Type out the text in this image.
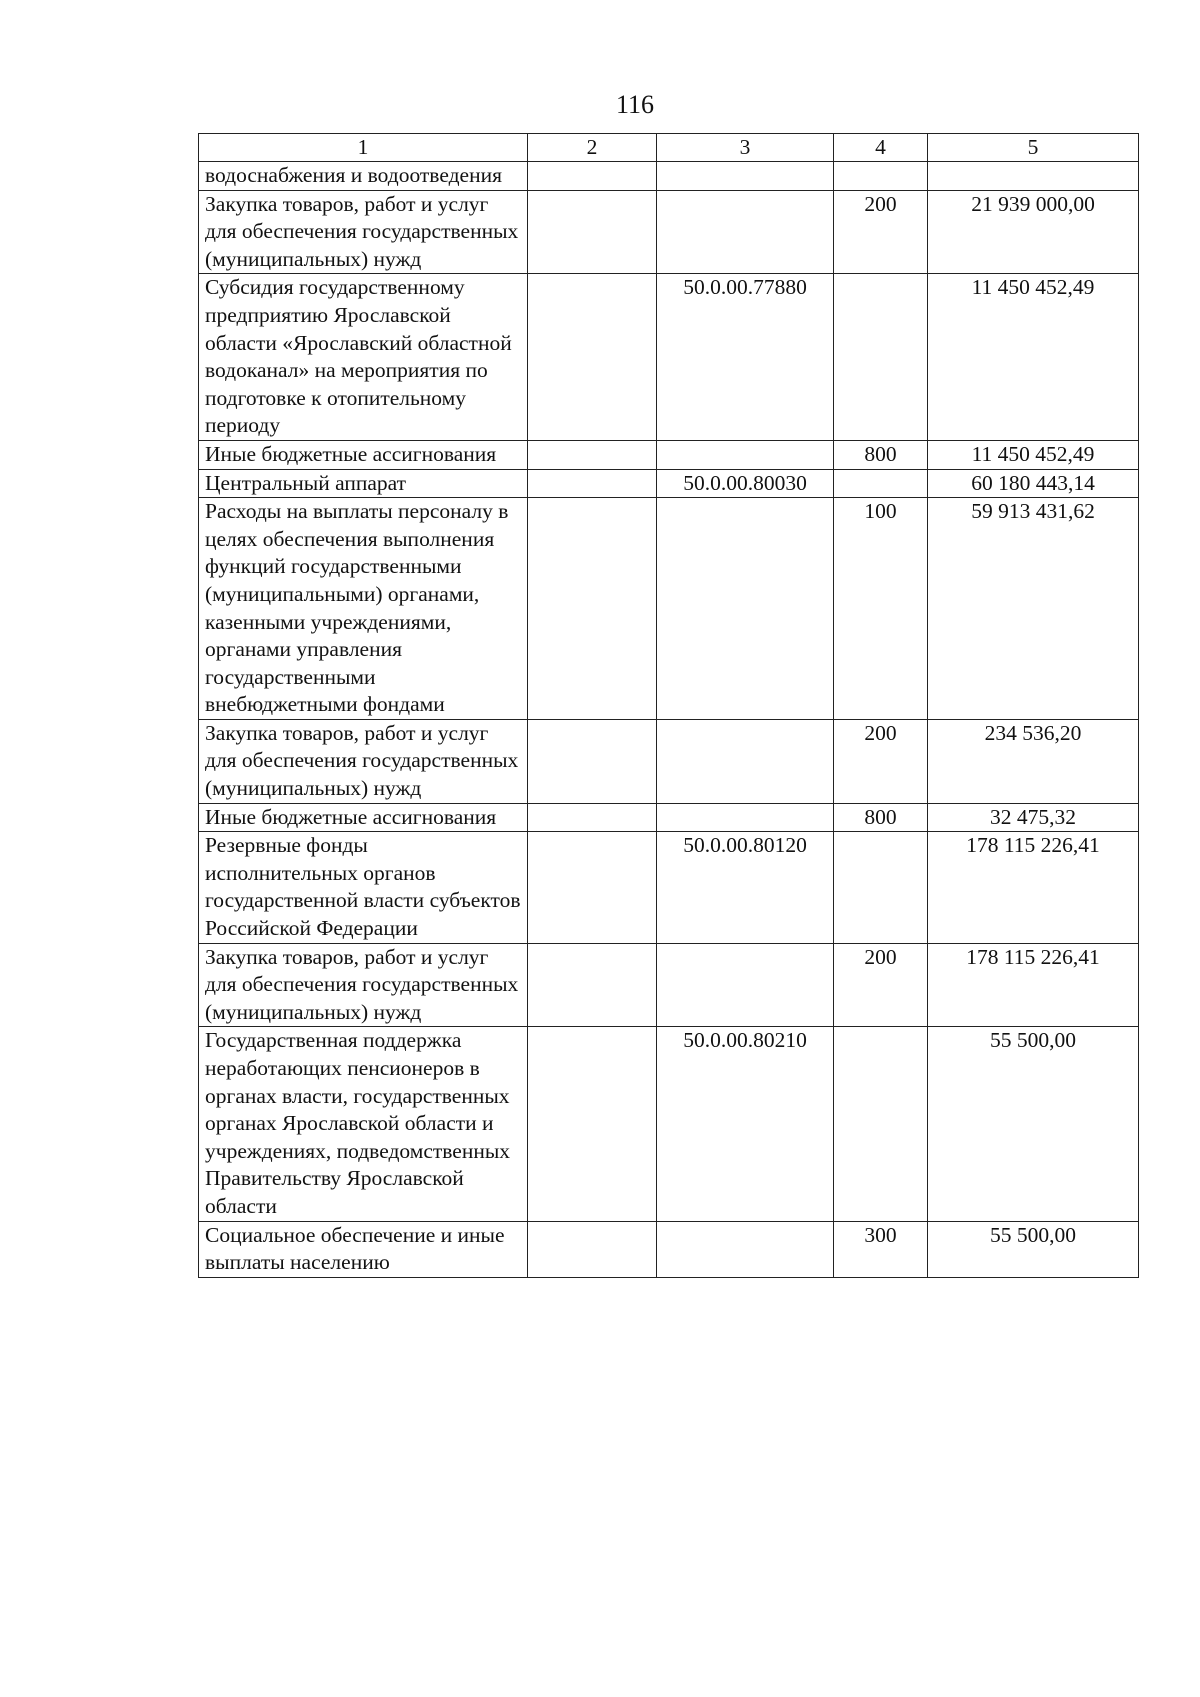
116
1	2	3	4	5
водоснабжения и водоотведения				
Закупка товаров, работ и услуг для обеспечения государственных (муниципальных) нужд			200	21 939 000,00
Субсидия государственному предприятию Ярославской области «Ярославский областной водоканал» на мероприятия по подготовке к отопительному периоду		50.0.00.77880		11 450 452,49
Иные бюджетные ассигнования			800	11 450 452,49
Центральный аппарат		50.0.00.80030		60 180 443,14
Расходы на выплаты персоналу в целях обеспечения выполнения функций государственными (муниципальными) органами, казенными учреждениями, органами управления государственными внебюджетными фондами			100	59 913 431,62
Закупка товаров, работ и услуг для обеспечения государственных (муниципальных) нужд			200	234 536,20
Иные бюджетные ассигнования			800	32 475,32
Резервные фонды исполнительных органов государственной власти субъектов Российской Федерации		50.0.00.80120		178 115 226,41
Закупка товаров, работ и услуг для обеспечения государственных (муниципальных) нужд			200	178 115 226,41
Государственная поддержка неработающих пенсионеров в органах власти, государственных органах Ярославской области и учреждениях, подведомственных Правительству Ярославской области		50.0.00.80210		55 500,00
Социальное обеспечение и иные выплаты населению			300	55 500,00
